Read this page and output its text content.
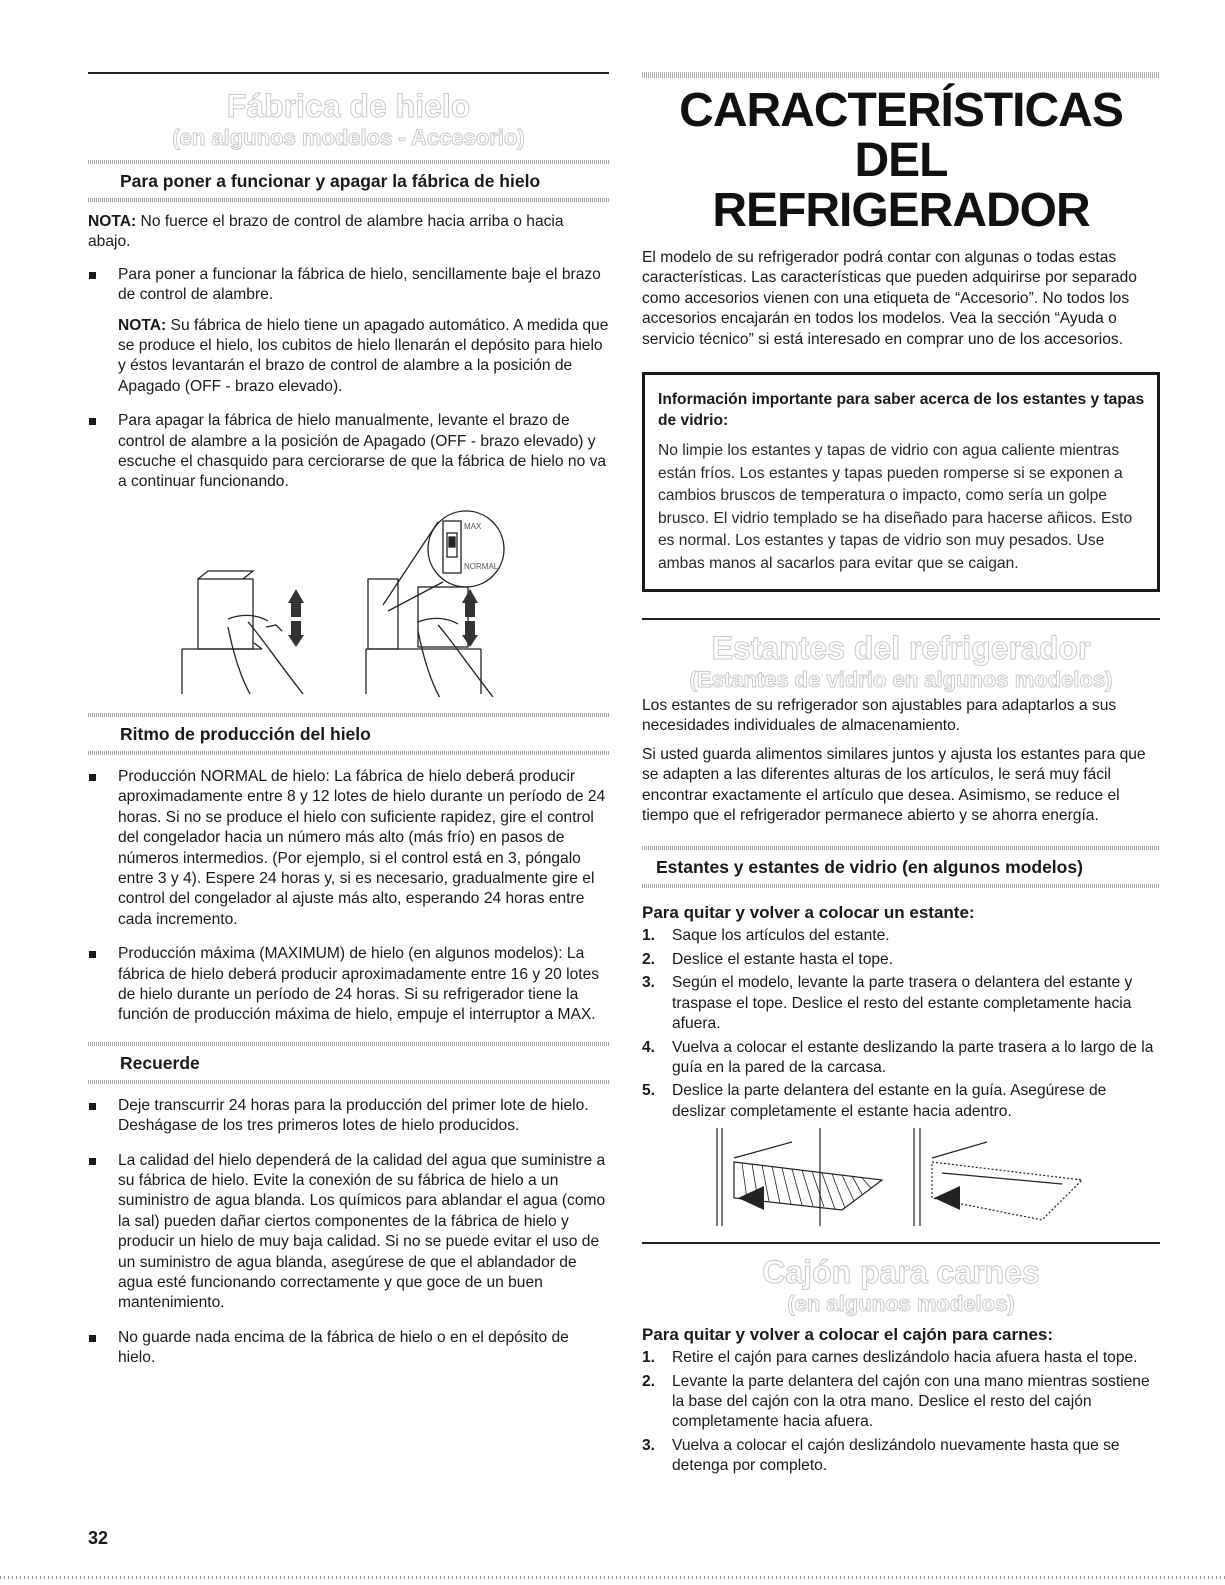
Fábrica de hielo
(en algunos modelos - Accesorio)
Para poner a funcionar y apagar la fábrica de hielo

NOTA: No fuerce el brazo de control de alambre hacia arriba o hacia abajo.

Para poner a funcionar la fábrica de hielo, sencillamente baje el brazo de control de alambre.

NOTA: Su fábrica de hielo tiene un apagado automático. A medida que se produce el hielo, los cubitos de hielo llenarán el depósito para hielo y éstos levantarán el brazo de control de alambre a la posición de Apagado (OFF - brazo elevado).

Para apagar la fábrica de hielo manualmente, levante el brazo de control de alambre a la posición de Apagado (OFF - brazo elevado) y escuche el chasquido para cerciorarse de que la fábrica de hielo no va a continuar funcionando.
MAX
NORMAL
Ritmo de producción del hielo
Producción NORMAL de hielo: La fábrica de hielo deberá producir aproximadamente entre 8 y 12 lotes de hielo durante un período de 24 horas. Si no se produce el hielo con suficiente rapidez, gire el control del congelador hacia un número más alto (más frío) en pasos de números intermedios. (Por ejemplo, si el control está en 3, póngalo entre 3 y 4). Espere 24 horas y, si es necesario, gradualmente gire el control del congelador al ajuste más alto, esperando 24 horas entre cada incremento.
Producción máxima (MAXIMUM) de hielo (en algunos modelos): La fábrica de hielo deberá producir aproximadamente entre 16 y 20 lotes de hielo durante un período de 24 horas. Si su refrigerador tiene la función de producción máxima de hielo, empuje el interruptor a MAX.
Recuerde
Deje transcurrir 24 horas para la producción del primer lote de hielo. Deshágase de los tres primeros lotes de hielo producidos.
La calidad del hielo dependerá de la calidad del agua que suministre a su fábrica de hielo. Evite la conexión de su fábrica de hielo a un suministro de agua blanda. Los químicos para ablandar el agua (como la sal) pueden dañar ciertos componentes de la fábrica de hielo y producir un hielo de muy baja calidad. Si no se puede evitar el uso de un suministro de agua blanda, asegúrese de que el ablandador de agua esté funcionando correctamente y que goce de un buen mantenimiento.
No guarde nada encima de la fábrica de hielo o en el depósito de hielo.
CARACTERÍSTICAS DEL
REFRIGERADOR

El modelo de su refrigerador podrá contar con algunas o todas estas características. Las características que pueden adquirirse por separado como accesorios vienen con una etiqueta de “Accesorio”. No todos los accesorios encajarán en todos los modelos. Vea la sección “Ayuda o servicio técnico” si está interesado en comprar uno de los accesorios.

Información importante para saber acerca de los estantes y tapas de vidrio:

No limpie los estantes y tapas de vidrio con agua caliente mientras están fríos. Los estantes y tapas pueden romperse si se exponen a cambios bruscos de temperatura o impacto, como sería un golpe brusco. El vidrio templado se ha diseñado para hacerse añicos. Esto es normal. Los estantes y tapas de vidrio son muy pesados. Use ambas manos al sacarlos para evitar que se caigan.

Estantes del refrigerador
(Estantes de vidrio en algunos modelos)

Los estantes de su refrigerador son ajustables para adaptarlos a sus necesidades individuales de almacenamiento.

Si usted guarda alimentos similares juntos y ajusta los estantes para que se adapten a las diferentes alturas de los artículos, le será muy fácil encontrar exactamente el artículo que desea. Asimismo, se reduce el tiempo que el refrigerador permanece abierto y se ahorra energía.

Estantes y estantes de vidrio (en algunos modelos)
Para quitar y volver a colocar un estante:
1. Saque los artículos del estante.
2. Deslice el estante hasta el tope.
3. Según el modelo, levante la parte trasera o delantera del estante y traspase el tope. Deslice el resto del estante completamente hacia afuera.
4. Vuelva a colocar el estante deslizando la parte trasera a lo largo de la guía en la pared de la carcasa.
5. Deslice la parte delantera del estante en la guía. Asegúrese de deslizar completamente el estante hacia adentro.
Cajón para carnes
(en algunos modelos)
Para quitar y volver a colocar el cajón para carnes:
1. Retire el cajón para carnes deslizándolo hacia afuera hasta el tope.
2. Levante la parte delantera del cajón con una mano mientras sostiene la base del cajón con la otra mano. Deslice el resto del cajón completamente hacia afuera.
3. Vuelva a colocar el cajón deslizándolo nuevamente hasta que se detenga por completo.
32
